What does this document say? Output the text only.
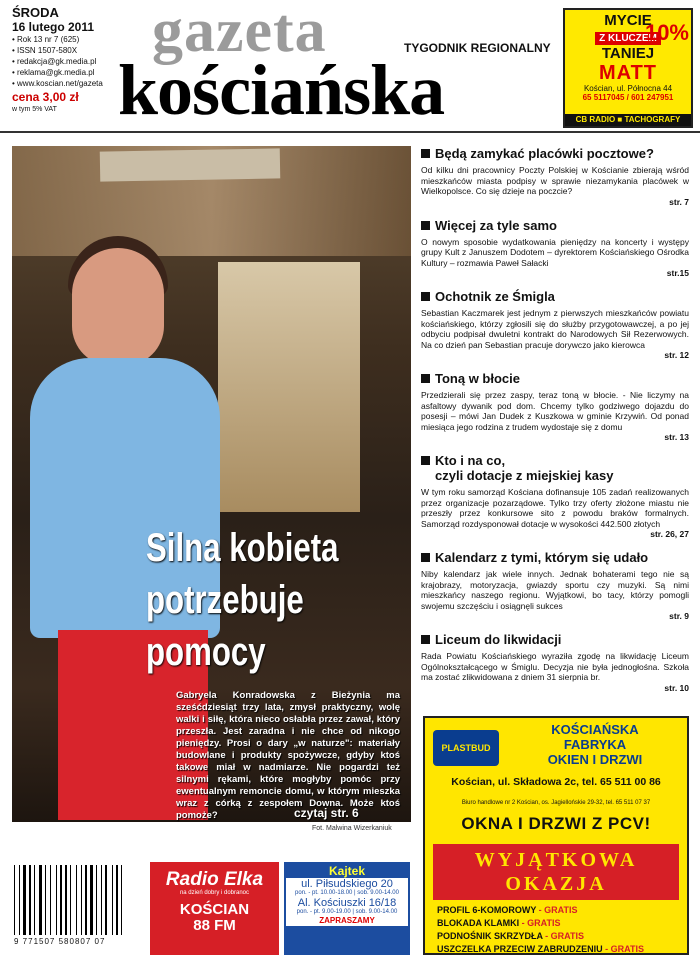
ŚRODA
16 lutego 2011
• Rok 13 nr 7 (625)
• ISSN 1507-580X
• redakcja@gk.media.pl
• reklama@gk.media.pl
• www.koscian.net/gazeta
cena 3,00 zł
w tym 5% VAT
gazeta
kościańska
TYGODNIK REGIONALNY
MYCIE
Z KLUCZEM
TANIEJ
10%
MATT
Kościan, ul. Północna 44
65 5117045 / 601 247951
CB RADIO ■ TACHOGRAFY
Silna kobieta
potrzebuje
pomocy
Gabryela Konradowska z Bieżynia ma sześćdziesiąt trzy lata, zmysł praktyczny, wolę walki i siłę, która nieco osłabła przez zawał, który przeszła. Jest zaradna i nie chce od nikogo pieniędzy. Prosi o dary „w naturze": materiały budowlane i produkty spożywcze, gdyby ktoś takowe miał w nadmiarze. Nie pogardzi też silnymi rękami, które mogłyby pomóc przy ewentualnym remoncie domu, w którym mieszka wraz z córką z zespołem Downa. Może ktoś pomoże?	czytaj str. 6
Fot. Malwina Wizerkaniuk
Będą zamykać placówki pocztowe?

Od kilku dni pracownicy Poczty Polskiej w Kościanie zbierają wśród mieszkańców miasta podpisy w sprawie niezamykania placówek w Wielkopolsce. Co się dzieje na poczcie?

str. 7
Więcej za tyle samo

O nowym sposobie wydatkowania pieniędzy na koncerty i występy grupy Kult z Januszem Dodotem – dyrektorem Kościańskiego Ośrodka Kultury – rozmawia Paweł Sałacki

str.15
Ochotnik ze Śmigla

Sebastian Kaczmarek jest jednym z pierwszych mieszkańców powiatu kościańskiego, którzy zgłosili się do służby przygotowawczej, a po jej odbyciu podpisał dwuletni kontrakt do Narodowych Sił Rezerwowych. Na co dzień pan Sebastian pracuje dorywczo jako kierowca

str. 12
Toną w błocie

Przedzierali się przez zaspy, teraz toną w błocie. - Nie liczymy na asfaltowy dywanik pod dom. Chcemy tylko godziwego dojazdu do posesji – mówi Jan Dudek z Kuszkowa w gminie Krzywiń. Od ponad miesiąca jego rodzina z trudem wydostaje się z domu

str. 13
Kto i na co,
czyli dotacje z miejskiej kasy

W tym roku samorząd Kościana dofinansuje 105 zadań realizowanych przez organizacje pozarządowe. Tylko trzy oferty złożone miastu nie przeszły przez konkursowe sito z powodu braków formalnych. Samorząd rozdysponował dotacje w wysokości 442.500 złotych

str. 26, 27
Kalendarz z tymi, którym się udało

Niby kalendarz jak wiele innych. Jednak bohaterami tego nie są krajobrazy, motoryzacja, gwiazdy sportu czy muzyki. Są nimi mieszkańcy naszego regionu. Wyjątkowi, bo tacy, którzy pomogli swojemu szczęściu i osiągnęli sukces

str. 9
Liceum do likwidacji

Rada Powiatu Kościańskiego wyraziła zgodę na likwidację Liceum Ogólnokształcącego w Śmiglu. Decyzja nie była jednogłośna. Szkoła ma zostać zlikwidowana z dniem 31 sierpnia br.

str. 10
PLASTBUD
KOŚCIAŃSKA
FABRYKA
OKIEN I DRZWI
Kościan, ul. Składowa 2c, tel. 65 511 00 86
Biuro handlowe nr 2 Kościan, os. Jagiellońskie 29-32, tel. 65 511 07 37
OKNA I DRZWI Z PCV!
WYJĄTKOWA
OKAZJA
PROFIL 6-KOMOROWY - GRATIS
BLOKADA KLAMKI - GRATIS
PODNOŚNIK SKRZYDŁA - GRATIS
USZCZELKA PRZECIW ZABRUDZENIU - GRATIS
9 771507 580807 07
Radio Elka
na dzień dobry i dobranoc
KOŚCIAN
88 FM
Kajtek
ul. Piłsudskiego 20
pon. - pt. 10.00-18.00 | sob. 9.00-14.00
Al. Kościuszki 16/18
pon. - pt. 9.00-19.00 | sob. 9.00-14.00
ZAPRASZAMY
